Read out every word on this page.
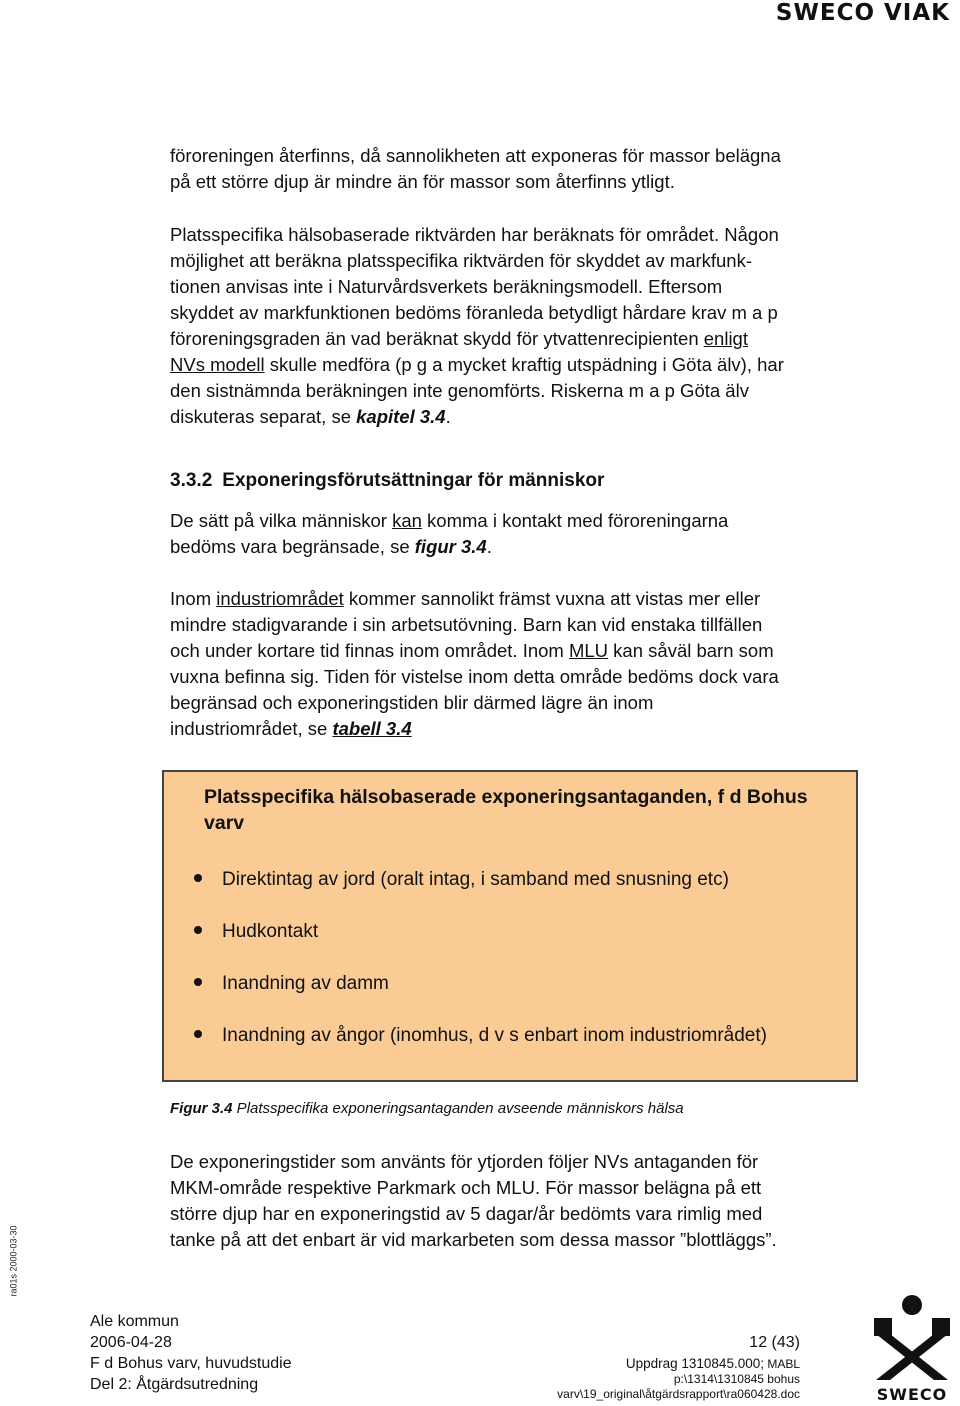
SWECO VIAK

föroreningen återfinns, då sannolikheten att exponeras för massor belägna
på ett större djup är mindre än för massor som återfinns ytligt.

Platsspecifika hälsobaserade riktvärden har beräknats för området. Någon
möjlighet att beräkna platsspecifika riktvärden för skyddet av markfunk-
tionen anvisas inte i Naturvårdsverkets beräkningsmodell. Eftersom
skyddet av markfunktionen bedöms föranleda betydligt hårdare krav m a p
föroreningsgraden än vad beräknat skydd för ytvattenrecipienten enligt
NVs modell skulle medföra (p g a mycket kraftig utspädning i Göta älv), har
den sistnämnda beräkningen inte genomförts. Riskerna m a p Göta älv
diskuteras separat, se kapitel 3.4.

3.3.2 Exponeringsförutsättningar för människor

De sätt på vilka människor kan komma i kontakt med föroreningarna
bedöms vara begränsade, se figur 3.4.

Inom industriområdet kommer sannolikt främst vuxna att vistas mer eller
mindre stadigvarande i sin arbetsutövning. Barn kan vid enstaka tillfällen
och under kortare tid finnas inom området. Inom MLU kan såväl barn som
vuxna befinna sig. Tiden för vistelse inom detta område bedöms dock vara
begränsad och exponeringstiden blir därmed lägre än inom
industriområdet, se tabell 3.4

Platsspecifika hälsobaserade exponeringsantaganden, f d Bohus varv

Direktintag av jord (oralt intag, i samband med snusning etc)
Hudkontakt
Inandning av damm
Inandning av ångor (inomhus, d v s enbart inom industriområdet)

Figur 3.4 Platsspecifika exponeringsantaganden avseende människors hälsa

De exponeringstider som använts för ytjorden följer NVs antaganden för
MKM-område respektive Parkmark och MLU. För massor belägna på ett
större djup har en exponeringstid av 5 dagar/år bedömts vara rimlig med
tanke på att det enbart är vid markarbeten som dessa massor ”blottläggs”.

ra01s 2000-03-30
Ale kommun
2006-04-28
F d Bohus varv, huvudstudie
Del 2: Åtgärdsutredning
12 (43)
Uppdrag 1310845.000; MABL
p:\1314\1310845 bohus
varv\19_original\åtgärdsrapport\ra060428.doc	SWECO
